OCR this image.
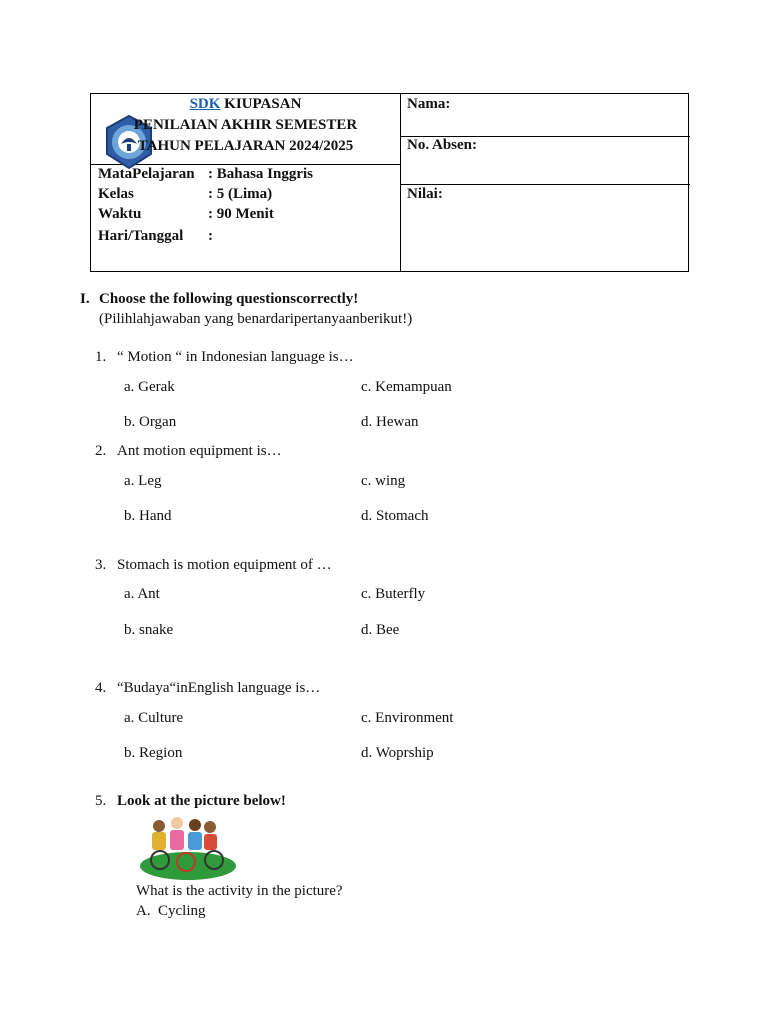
SDK KIUPASAN
PENILAIAN AKHIR SEMESTER
TAHUN PELAJARAN 2024/2025
MataPelajaran : Bahasa Inggris
Kelas	: 5 (Lima)
Waktu	: 90 Menit
Hari/Tanggal :
Nama:
No. Absen:
Nilai:
I. Choose the following questionscorrectly!
(Pilihlahjawaban yang benardaripertanyaanberikut!)
1. “ Motion “ in Indonesian language is…
a. Gerak	c. Kemampuan
b. Organ	d. Hewan
2. Ant motion equipment is…
a. Leg	c. wing
b. Hand	d. Stomach
3. Stomach is motion equipment of …
a. Ant	c. Buterfly
b. snake	d. Bee
4. “Budaya“inEnglish language is…
a. Culture	c. Environment
b. Region	d. Woprship
5. Look at the picture below!
What is the activity in the picture?
A. Cycling
